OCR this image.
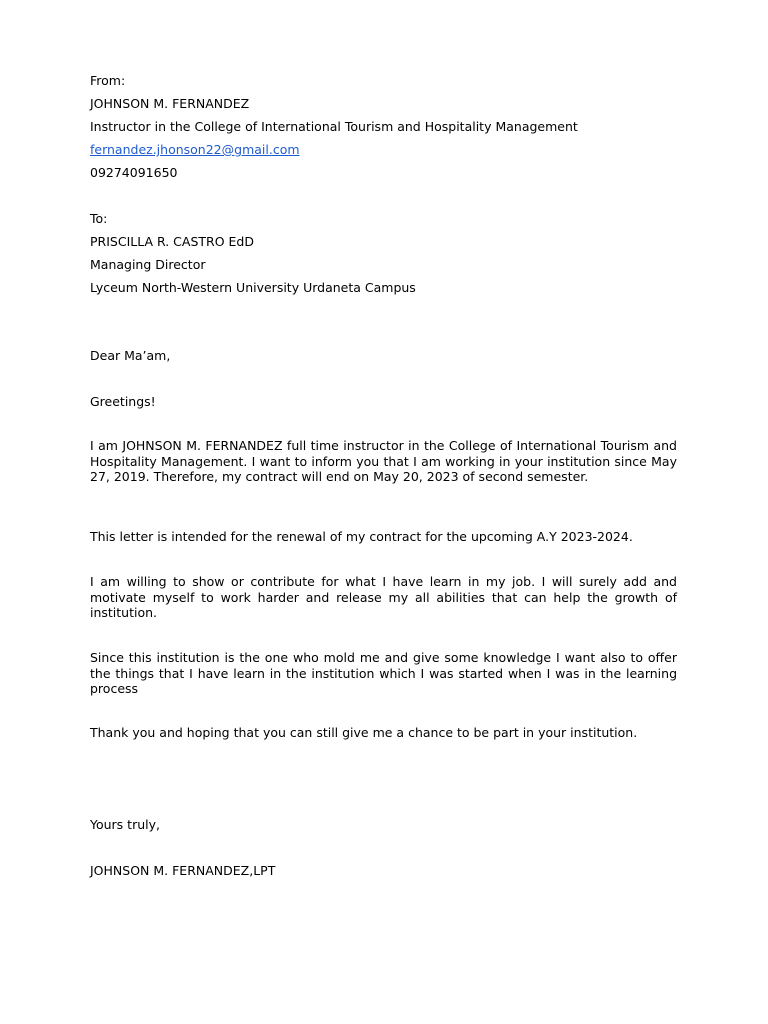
From:
JOHNSON M. FERNANDEZ
Instructor in the College of International Tourism and Hospitality Management
fernandez.jhonson22@gmail.com
09274091650
To:
PRISCILLA R. CASTRO EdD
Managing Director
Lyceum North-Western University Urdaneta Campus
Dear Ma’am,
Greetings!
I am JOHNSON M. FERNANDEZ full time instructor in the College of International Tourism and Hospitality Management. I want to inform you that I am working in your institution since May 27, 2019. Therefore, my contract will end on May 20, 2023 of second semester.
This letter is intended for the renewal of my contract for the upcoming A.Y 2023-2024.
I am willing to show or contribute for what I have learn in my job. I will surely add and motivate myself to work harder and release my all abilities that can help the growth of institution.
Since this institution is the one who mold me and give some knowledge I want also to offer the things that I have learn in the institution which I was started when I was in the learning process
Thank you and hoping that you can still give me a chance to be part in your institution.
Yours truly,
JOHNSON M. FERNANDEZ,LPT
